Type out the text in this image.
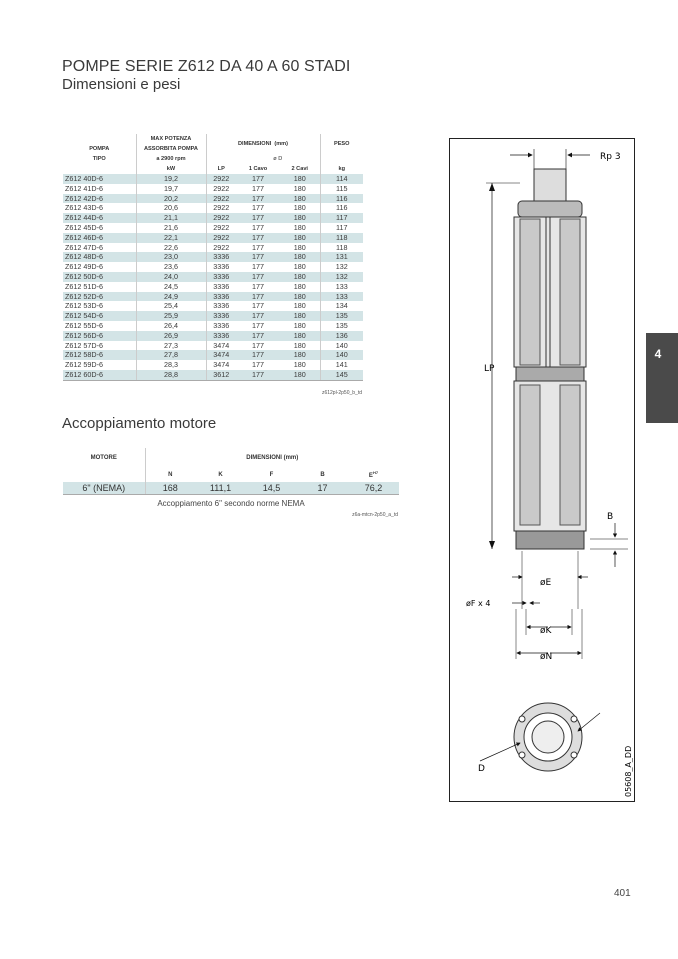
POMPE SERIE Z612 DA 40 A 60 STADI
Dimensioni e pesi
	MAX POTENZA	DIMENSIONI (mm)			PESO
POMPA	ASSORBITA POMPA				
TIPO	a 2900 rpm		ø D		
	kW	LP	1 Cavo	2 Cavi	kg
Z612 40D-6	19,2	2922	177	180	114
Z612 41D-6	19,7	2922	177	180	115
Z612 42D-6	20,2	2922	177	180	116
Z612 43D-6	20,6	2922	177	180	116
Z612 44D-6	21,1	2922	177	180	117
Z612 45D-6	21,6	2922	177	180	117
Z612 46D-6	22,1	2922	177	180	118
Z612 47D-6	22,6	2922	177	180	118
Z612 48D-6	23,0	3336	177	180	131
Z612 49D-6	23,6	3336	177	180	132
Z612 50D-6	24,0	3336	177	180	132
Z612 51D-6	24,5	3336	177	180	133
Z612 52D-6	24,9	3336	177	180	133
Z612 53D-6	25,4	3336	177	180	134
Z612 54D-6	25,9	3336	177	180	135
Z612 55D-6	26,4	3336	177	180	135
Z612 56D-6	26,9	3336	177	180	136
Z612 57D-6	27,3	3474	177	180	140
Z612 58D-6	27,8	3474	177	180	140
Z612 59D-6	28,3	3474	177	180	141
Z612 60D-6	28,8	3612	177	180	145
z612pl-2p50_b_td
Accoppiamento motore
MOTORE	DIMENSIONI (mm)				
	N	K	F	B	$E^{H7}$
6" (NEMA)	168	111,1	14,5	17	76,2
Accoppiamento 6" secondo norme NEMA
z6a-mtcn-2p50_a_td
Rp 3
LP
B
øE
øF x 4
øK
øN
D	05608_A_DD
4
401
